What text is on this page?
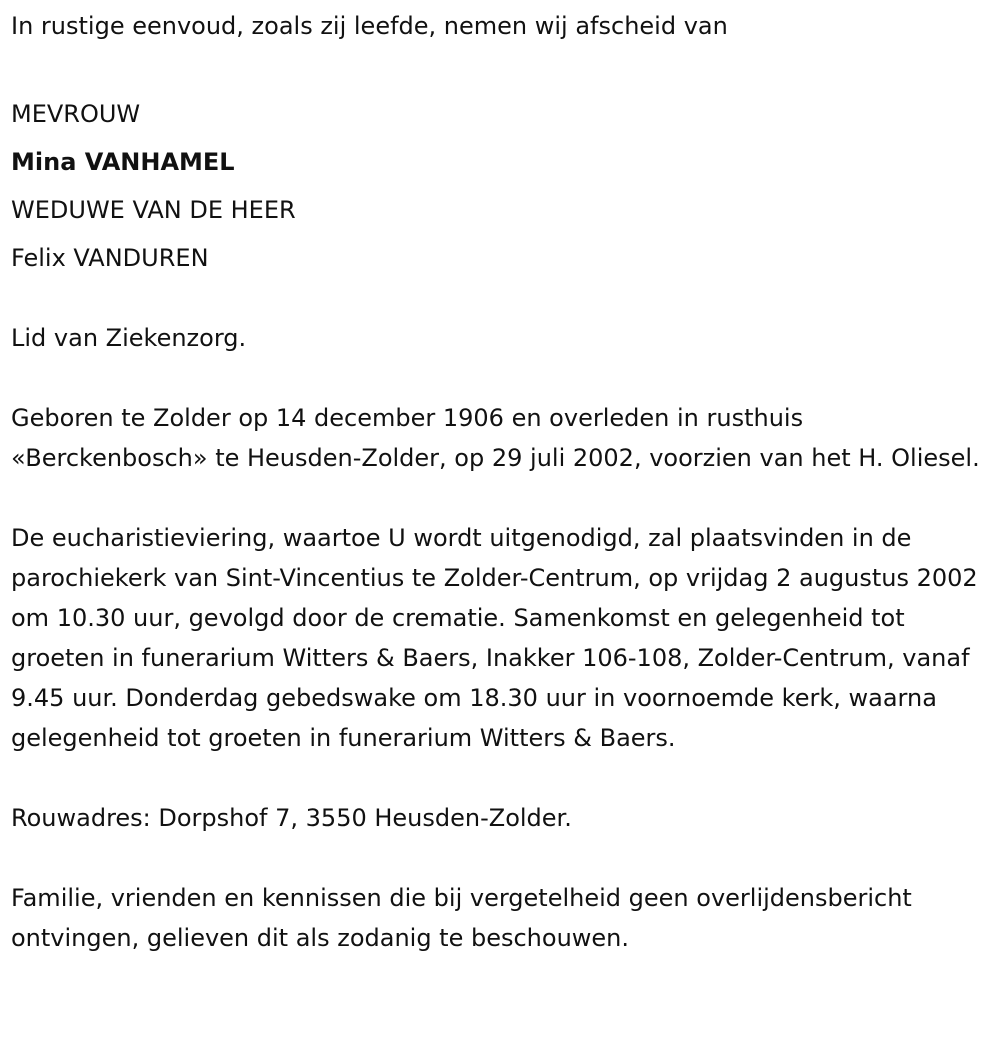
In rustige eenvoud, zoals zij leefde, nemen wij afscheid van
MEVROUW
Mina VANHAMEL
WEDUWE VAN DE HEER
Felix VANDUREN
Lid van Ziekenzorg.
Geboren te Zolder op 14 december 1906 en overleden in rusthuis «Berckenbosch» te Heusden-Zolder, op 29 juli 2002, voorzien van het H. Oliesel.
De eucharistieviering, waartoe U wordt uitgenodigd, zal plaatsvinden in de parochiekerk van Sint-Vincentius te Zolder-Centrum, op vrijdag 2 augustus 2002 om 10.30 uur, gevolgd door de crematie. Samenkomst en gelegenheid tot groeten in funerarium Witters & Baers, Inakker 106-108, Zolder-Centrum, vanaf 9.45 uur. Donderdag gebedswake om 18.30 uur in voornoemde kerk, waarna gelegenheid tot groeten in funerarium Witters & Baers.
Rouwadres: Dorpshof 7, 3550 Heusden-Zolder.
Familie, vrienden en kennissen die bij vergetelheid geen overlijdensbericht ontvingen, gelieven dit als zodanig te beschouwen.
